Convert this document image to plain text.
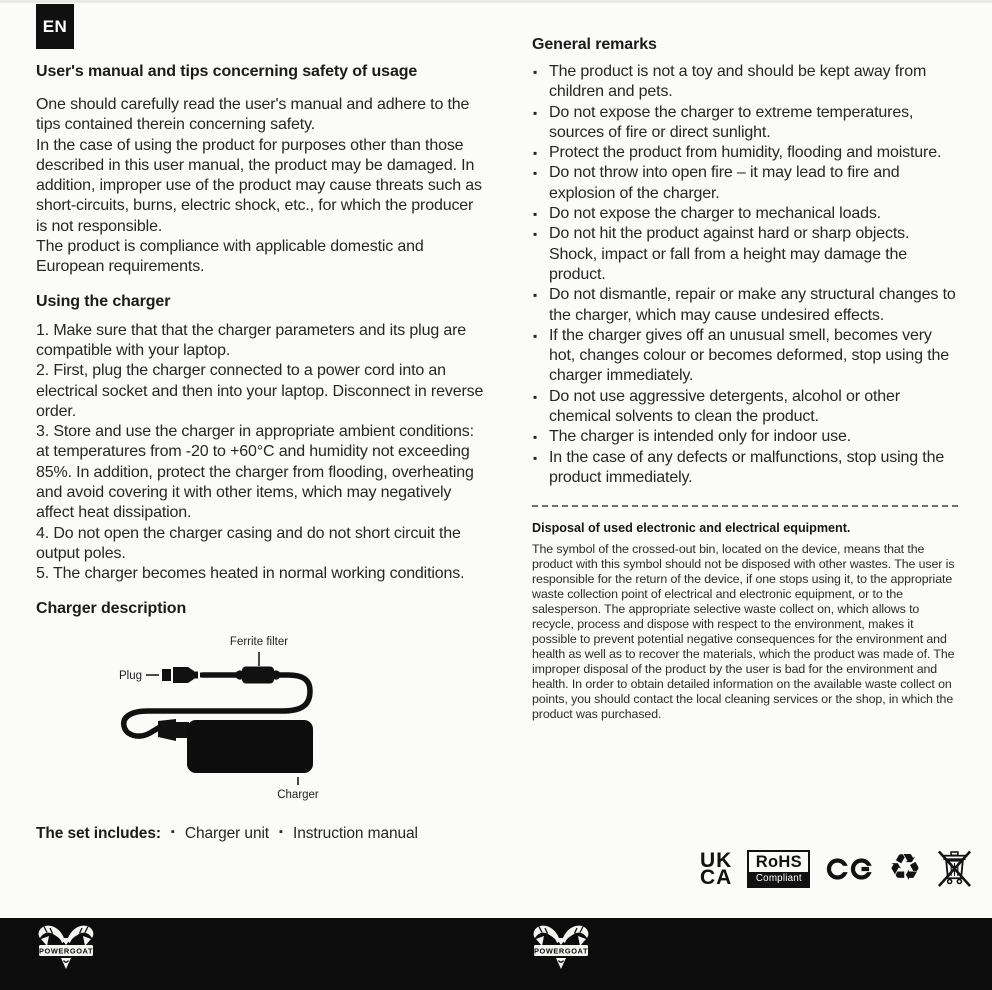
EN
User's manual and tips concerning safety of usage

One should carefully read the user's manual and adhere to the tips contained therein concerning safety.

In the case of using the product for purposes other than those described in this user manual, the product may be damaged. In addition, improper use of the product may cause threats such as short-circuits, burns, electric shock, etc., for which the producer is not responsible.

The product is compliance with applicable domestic and European requirements.

Using the charger

1. Make sure that that the charger parameters and its plug are compatible with your laptop.

2. First, plug the charger connected to a power cord into an electrical socket and then into your laptop. Disconnect in reverse order.

3. Store and use the charger in appropriate ambient conditions: at temperatures from -20 to +60°C and humidity not exceeding 85%. In addition, protect the charger from flooding, overheating and avoid covering it with other items, which may negatively affect heat dissipation.

4. Do not open the charger casing and do not short circuit the output poles.

5. The charger becomes heated in normal working conditions.

Charger description
Ferrite filter
Plug
Charger
The set includes:	▪ Charger unit	▪ Instruction manual
General remarks
▪ The product is not a toy and should be kept away from children and pets.
▪ Do not expose the charger to extreme temperatures, sources of fire or direct sunlight.
▪ Protect the product from humidity, flooding and moisture.
▪ Do not throw into open fire – it may lead to fire and explosion of the charger.
▪ Do not expose the charger to mechanical loads.
▪ Do not hit the product against hard or sharp objects. Shock, impact or fall from a height may damage the product.
▪ Do not dismantle, repair or make any structural changes to the charger, which may cause undesired effects.
▪ If the charger gives off an unusual smell, becomes very hot, changes colour or becomes deformed, stop using the charger immediately.
▪ Do not use aggressive detergents, alcohol or other chemical solvents to clean the product.
▪ The charger is intended only for indoor use.
▪ In the case of any defects or malfunctions, stop using the product immediately.

Disposal of used electronic and electrical equipment.

The symbol of the crossed-out bin, located on the device, means that the product with this symbol should not be disposed with other wastes. The user is responsible for the return of the device, if one stops using it, to the appropriate waste collection point of electrical and electronic equipment, or to the salesperson. The appropriate selective waste collect on, which allows to recycle, process and dispose with respect to the environment, makes it possible to prevent potential negative consequences for the environment and health as well as to recover the materials, which the product was made of. The improper disposal of the product by the user is bad for the environment and health. In order to obtain detailed information on the available waste collect on points, you should contact the local cleaning services or the shop, in which the product was purchased.

UK
CA
RoHS
Compliant ♻
POWERGOAT	POWERGOAT
